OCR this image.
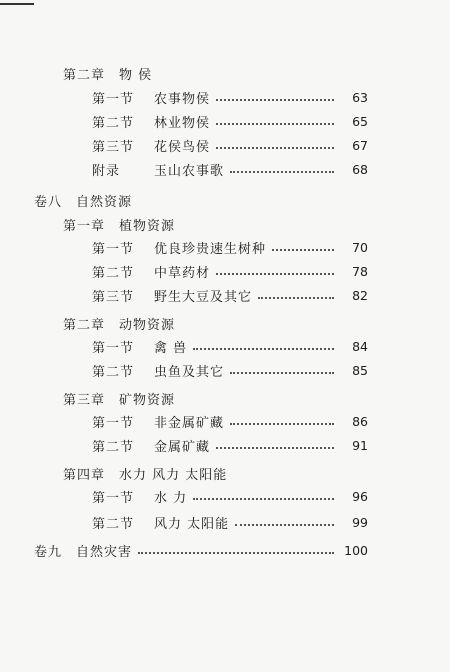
第二章 物 侯
第一节	农事物侯	63
第二节	林业物侯	65
第三节	花侯鸟侯	67
附录	玉山农事歌	68
卷八 自然资源
第一章 植物资源
第一节	优良珍贵速生树种	70
第二节	中草药材	78
第三节	野生大豆及其它	82
第二章 动物资源
第一节	禽 兽	84
第二节	虫鱼及其它	85
第三章 矿物资源
第一节	非金属矿藏	86
第二节	金属矿藏	91
第四章 水力 风力 太阳能
第一节	水 力	96
第二节	风力 太阳能	99
卷九 自然灾害	100
